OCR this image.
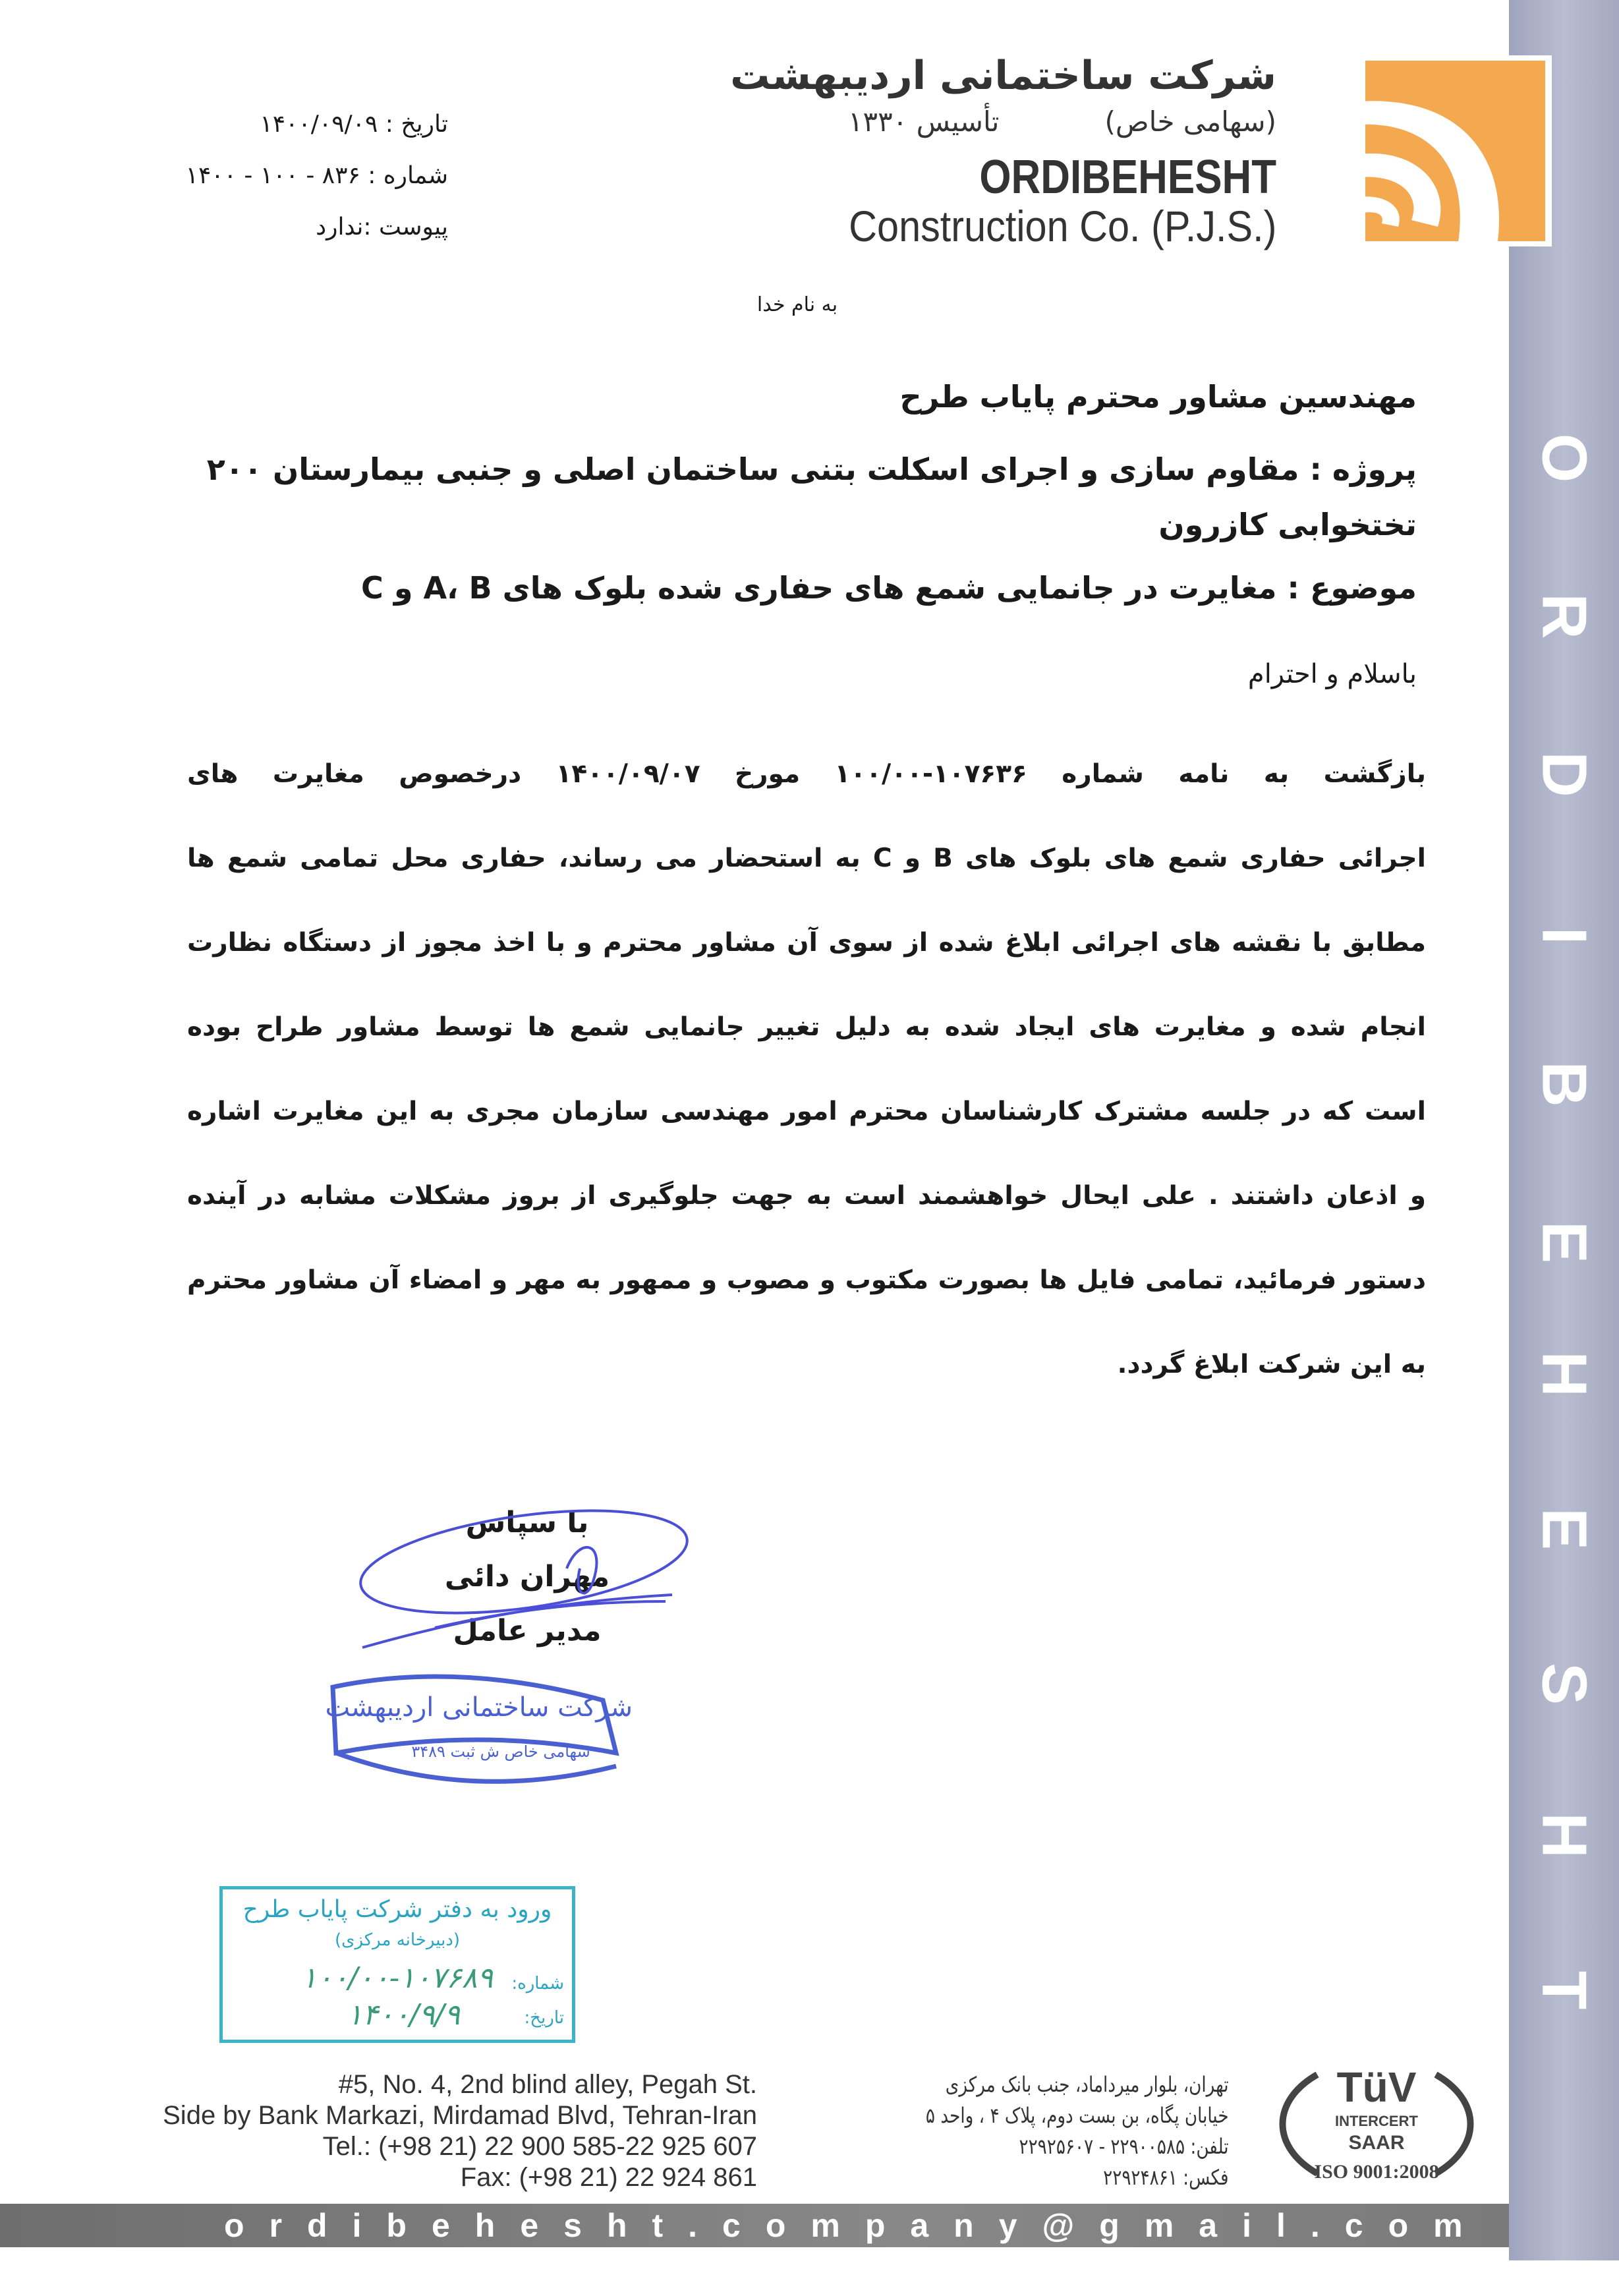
O
R
D
I
B
E
H
E
S
H
T
شرکت ساختمانی اردیبهشت
(سهامی خاص)
تأسیس ۱۳۳۰
ORDIBEHESHT
Construction Co. (P.J.S.)
تاریخ : ۱۴۰۰/۰۹/۰۹
شماره : ۸۳۶ - ۱۰۰ - ۱۴۰۰
پیوست :ندارد
به نام خدا
مهندسین مشاور محترم پایاب طرح
پروژه : مقاوم سازی و اجرای اسکلت بتنی ساختمان اصلی و جنبی بیمارستان ۲۰۰ تختخوابی کازرون
موضوع : مغایرت در جانمایی شمع های حفاری شده بلوک های A، B و C
باسلام و احترام
بازگشت به نامه شماره ۱۰۷۶۳۶-۱۰۰/۰۰ مورخ ۱۴۰۰/۰۹/۰۷ درخصوص مغایرت های
اجرائی حفاری شمع های بلوک های B و C به استحضار می رساند، حفاری محل تمامی شمع ها
مطابق با نقشه های اجرائی ابلاغ شده از سوی آن مشاور محترم و با اخذ مجوز از دستگاه نظارت
انجام شده و مغایرت های ایجاد شده به دلیل تغییر جانمایی شمع ها توسط مشاور طراح بوده
است که در جلسه مشترک کارشناسان محترم امور مهندسی سازمان مجری به این مغایرت اشاره
و اذعان داشتند . علی ایحال خواهشمند است به جهت جلوگیری از بروز مشکلات مشابه در آینده
دستور فرمائید، تمامی فایل ها بصورت مکتوب و مصوب و ممهور به مهر و امضاء آن مشاور محترم
به این شرکت ابلاغ گردد.
با سپاس
مهران دائی
مدیر عامل
شرکت ساختمانی اردیبهشت
سهامی خاص ش ثبت ۳۴۸۹
ورود به دفتر شرکت پایاب طرح
(دبیرخانه مرکزی)
شماره:
۱۰۰/۰۰-۱۰۷۶۸۹
تاریخ:
۱۴۰۰/۹/۹
#5, No. 4, 2nd blind alley, Pegah St.
Side by Bank Markazi, Mirdamad Blvd, Tehran-Iran
Tel.: (+98 21) 22 900 585-22 925 607
Fax: (+98 21) 22 924 861
تهران، بلوار میرداماد، جنب بانک مرکزی
خیابان پگاه، بن بست دوم، پلاک ۴ ، واحد ۵
تلفن: ۲۲۹۰۰۵۸۵ - ۲۲۹۲۵۶۰۷
فکس: ۲۲۹۲۴۸۶۱
TüV
INTERCERT
SAAR
ISO 9001:2008
ordibehesht.company@gmail.com
